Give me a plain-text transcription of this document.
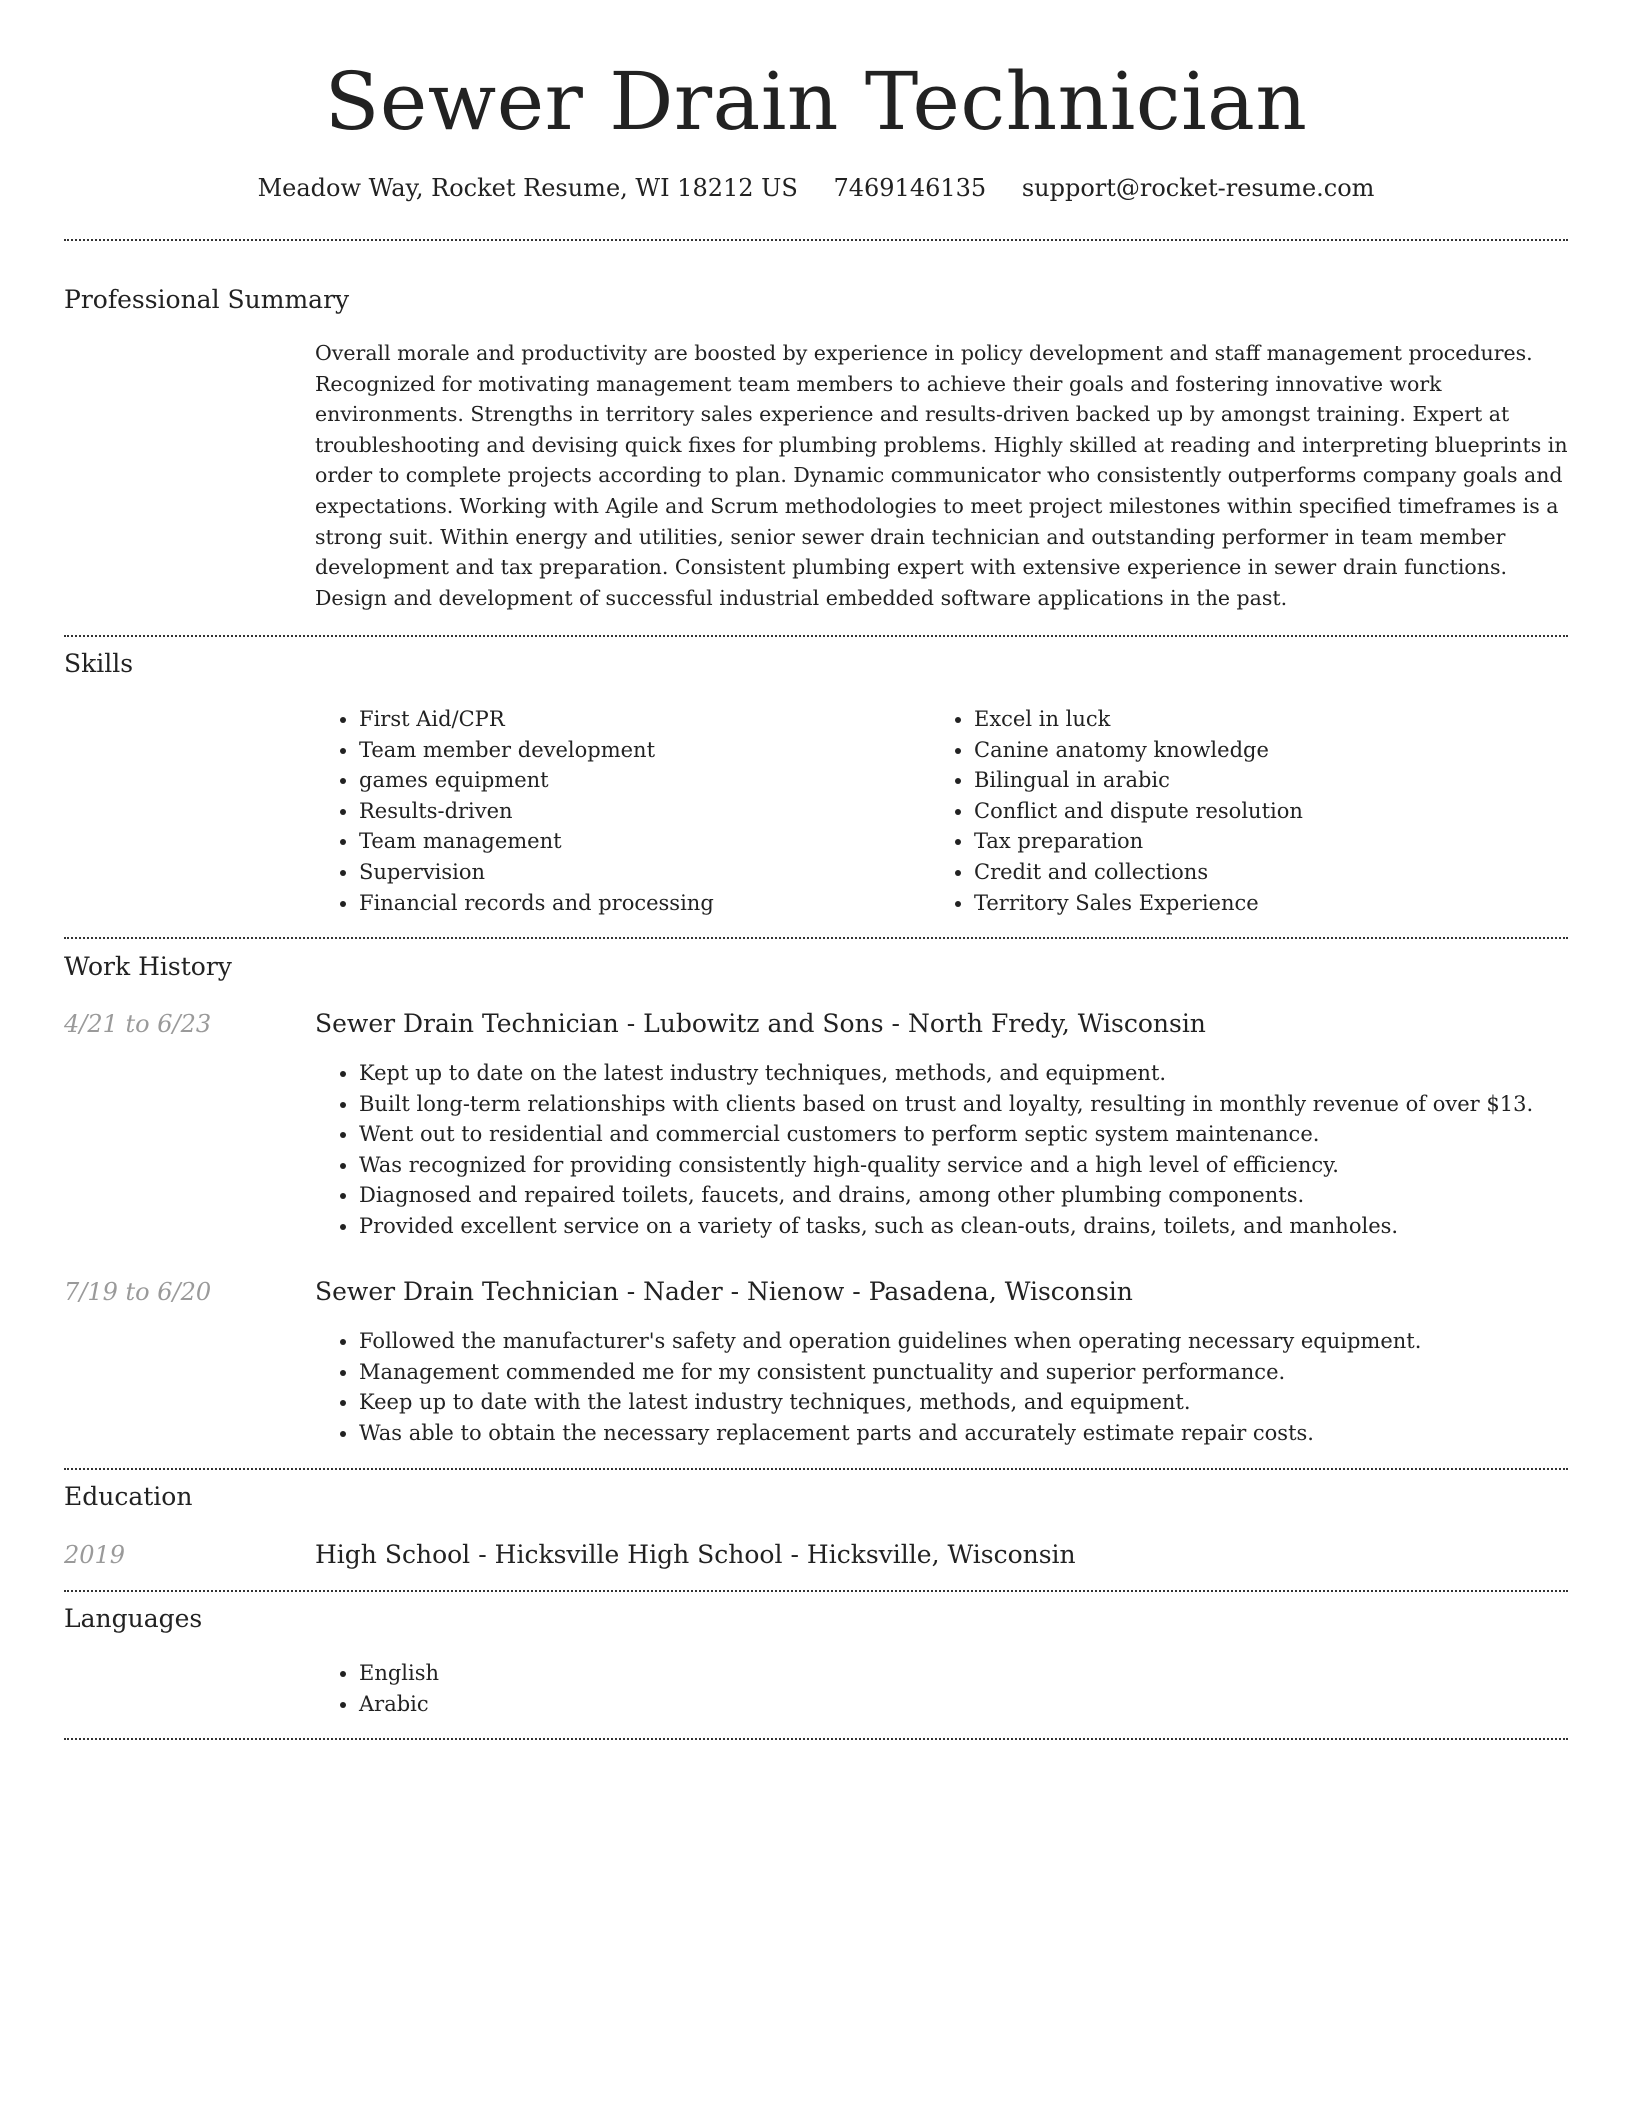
Sewer Drain Technician
Meadow Way, Rocket Resume, WI 18212 US 7469146135 support@rocket-resume.com
Professional Summary
Overall morale and productivity are boosted by experience in policy development and staff management procedures. Recognized for motivating management team members to achieve their goals and fostering innovative work environments. Strengths in territory sales experience and results-driven backed up by amongst training. Expert at troubleshooting and devising quick fixes for plumbing problems. Highly skilled at reading and interpreting blueprints in order to complete projects according to plan. Dynamic communicator who consistently outperforms company goals and expectations. Working with Agile and Scrum methodologies to meet project milestones within specified timeframes is a strong suit. Within energy and utilities, senior sewer drain technician and outstanding performer in team member development and tax preparation. Consistent plumbing expert with extensive experience in sewer drain functions. Design and development of successful industrial embedded software applications in the past.
Skills
• First Aid/CPR
• Team member development
• games equipment
• Results-driven
• Team management
• Supervision
• Financial records and processing
• Excel in luck
• Canine anatomy knowledge
• Bilingual in arabic
• Conflict and dispute resolution
• Tax preparation
• Credit and collections
• Territory Sales Experience
Work History
4/21 to 6/23	Sewer Drain Technician - Lubowitz and Sons - North Fredy, Wisconsin
• Kept up to date on the latest industry techniques, methods, and equipment.
• Built long-term relationships with clients based on trust and loyalty, resulting in monthly revenue of over $13.
• Went out to residential and commercial customers to perform septic system maintenance.
• Was recognized for providing consistently high-quality service and a high level of efficiency.
• Diagnosed and repaired toilets, faucets, and drains, among other plumbing components.
• Provided excellent service on a variety of tasks, such as clean-outs, drains, toilets, and manholes.
7/19 to 6/20	Sewer Drain Technician - Nader - Nienow - Pasadena, Wisconsin
• Followed the manufacturer's safety and operation guidelines when operating necessary equipment.
• Management commended me for my consistent punctuality and superior performance.
• Keep up to date with the latest industry techniques, methods, and equipment.
• Was able to obtain the necessary replacement parts and accurately estimate repair costs.
Education
2019	High School - Hicksville High School - Hicksville, Wisconsin
Languages
• English
• Arabic
